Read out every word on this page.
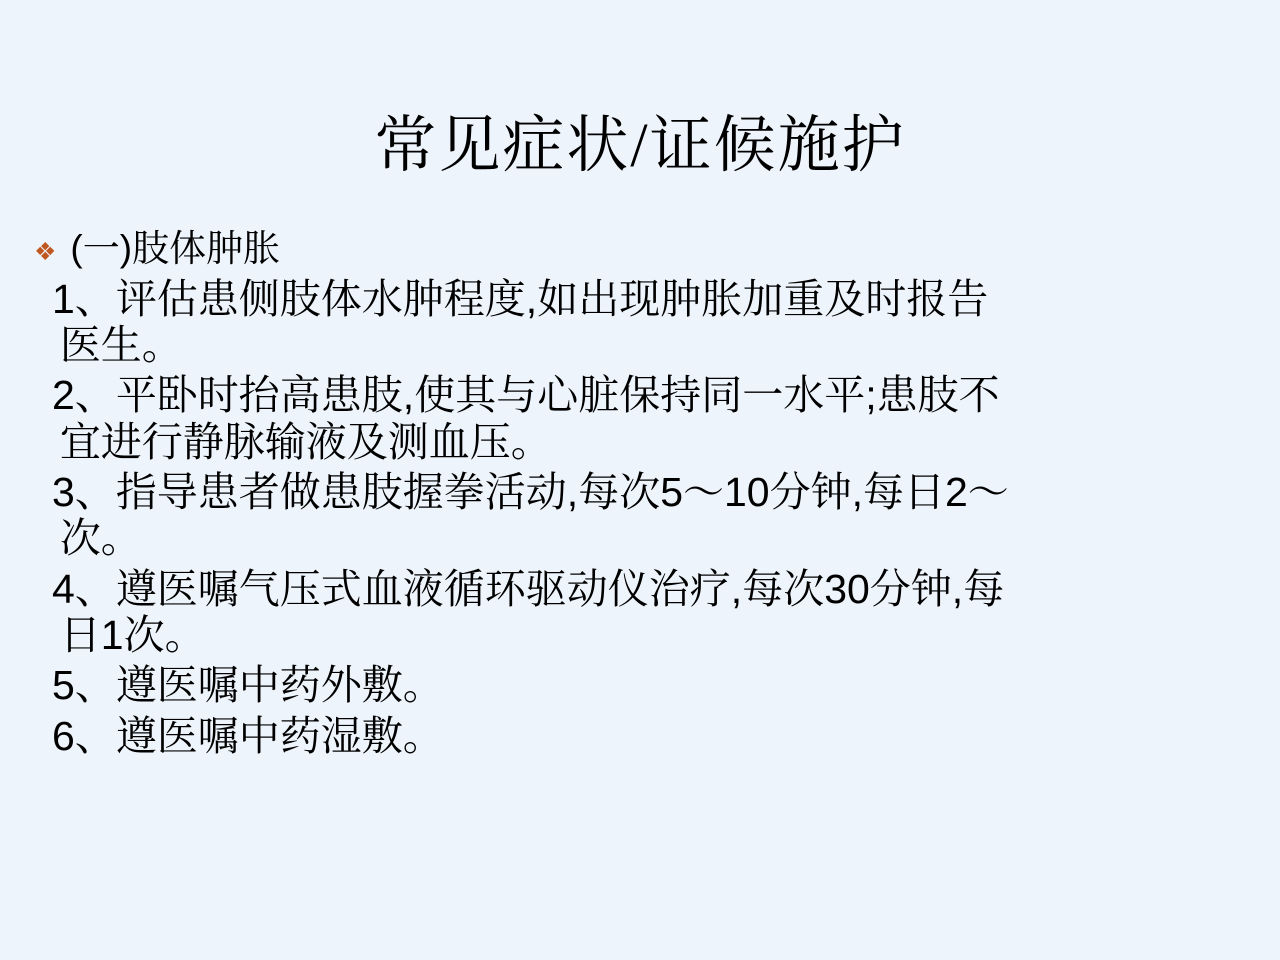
常见症状/证候施护
❖ (一)肢体肿胀
1、 评估患侧肢体水肿程度,如出现肿胀加重及时报告
医生。
2、 平卧时抬高患肢,使其与心脏保持同一水平;患肢不
宜进行静脉输液及测血压。
3、 指导患者做患肢握拳活动,每次5～10分钟,每日2～
次。
4、 遵医嘱气压式血液循环驱动仪治疗,每次30分钟,每
日1次。
5、 遵医嘱中药外敷。
6、 遵医嘱中药湿敷。
